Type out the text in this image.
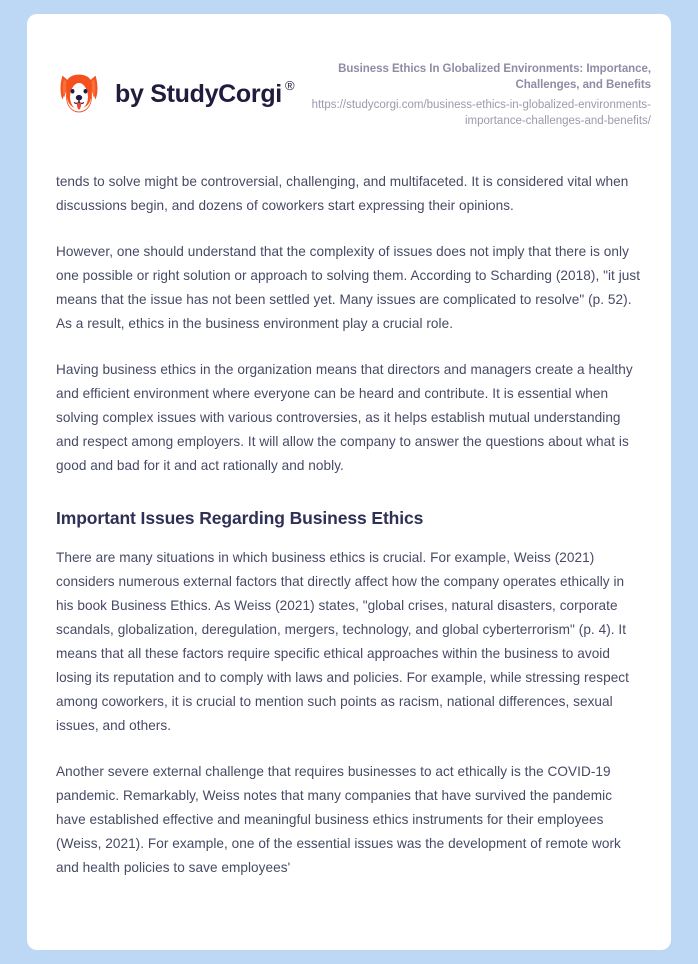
by StudyCorgi ®
Business Ethics In Globalized Environments: Importance, Challenges, and Benefits
https://studycorgi.com/business-ethics-in-globalized-environments-importance-challenges-and-benefits/

tends to solve might be controversial, challenging, and multifaceted. It is considered vital when discussions begin, and dozens of coworkers start expressing their opinions.

However, one should understand that the complexity of issues does not imply that there is only one possible or right solution or approach to solving them. According to Scharding (2018), "it just means that the issue has not been settled yet. Many issues are complicated to resolve" (p. 52). As a result, ethics in the business environment play a crucial role.

Having business ethics in the organization means that directors and managers create a healthy and efficient environment where everyone can be heard and contribute. It is essential when solving complex issues with various controversies, as it helps establish mutual understanding and respect among employers. It will allow the company to answer the questions about what is good and bad for it and act rationally and nobly.

Important Issues Regarding Business Ethics

There are many situations in which business ethics is crucial. For example, Weiss (2021) considers numerous external factors that directly affect how the company operates ethically in his book Business Ethics. As Weiss (2021) states, "global crises, natural disasters, corporate scandals, globalization, deregulation, mergers, technology, and global cyberterrorism" (p. 4). It means that all these factors require specific ethical approaches within the business to avoid losing its reputation and to comply with laws and policies. For example, while stressing respect among coworkers, it is crucial to mention such points as racism, national differences, sexual issues, and others.

Another severe external challenge that requires businesses to act ethically is the COVID-19 pandemic. Remarkably, Weiss notes that many companies that have survived the pandemic have established effective and meaningful business ethics instruments for their employees (Weiss, 2021). For example, one of the essential issues was the development of remote work and health policies to save employees'
